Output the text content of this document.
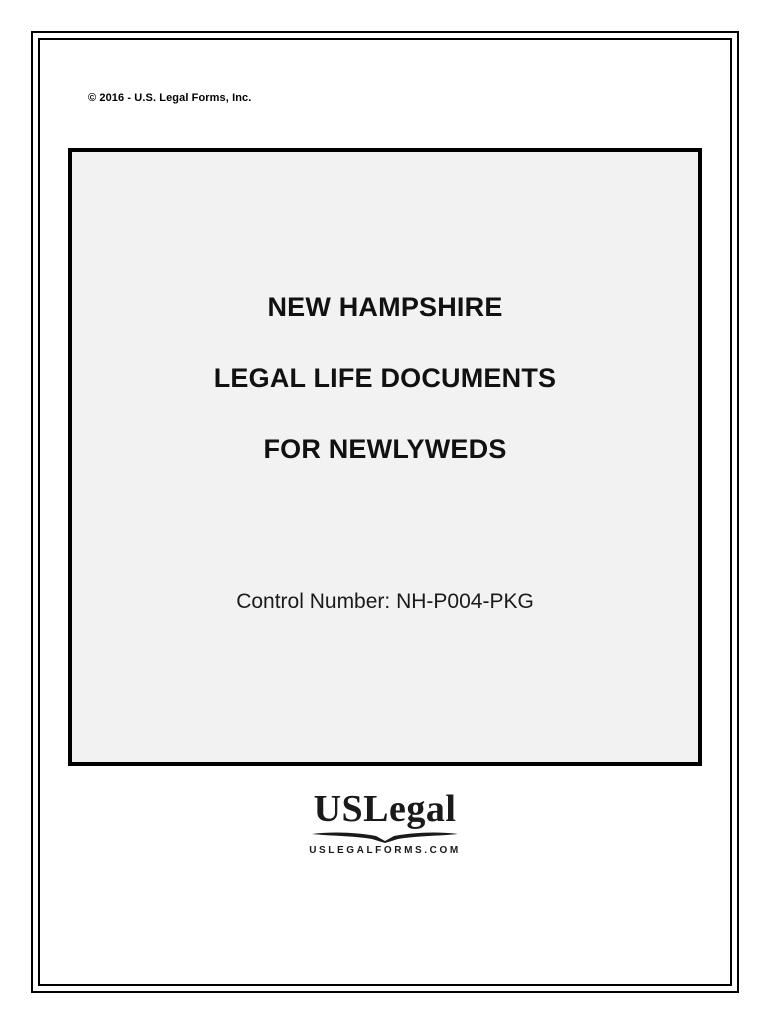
© 2016 - U.S. Legal Forms, Inc.
NEW HAMPSHIRE
LEGAL LIFE DOCUMENTS
FOR NEWLYWEDS
Control Number: NH-P004-PKG
USLegal
USLEGALFORMS.COM
